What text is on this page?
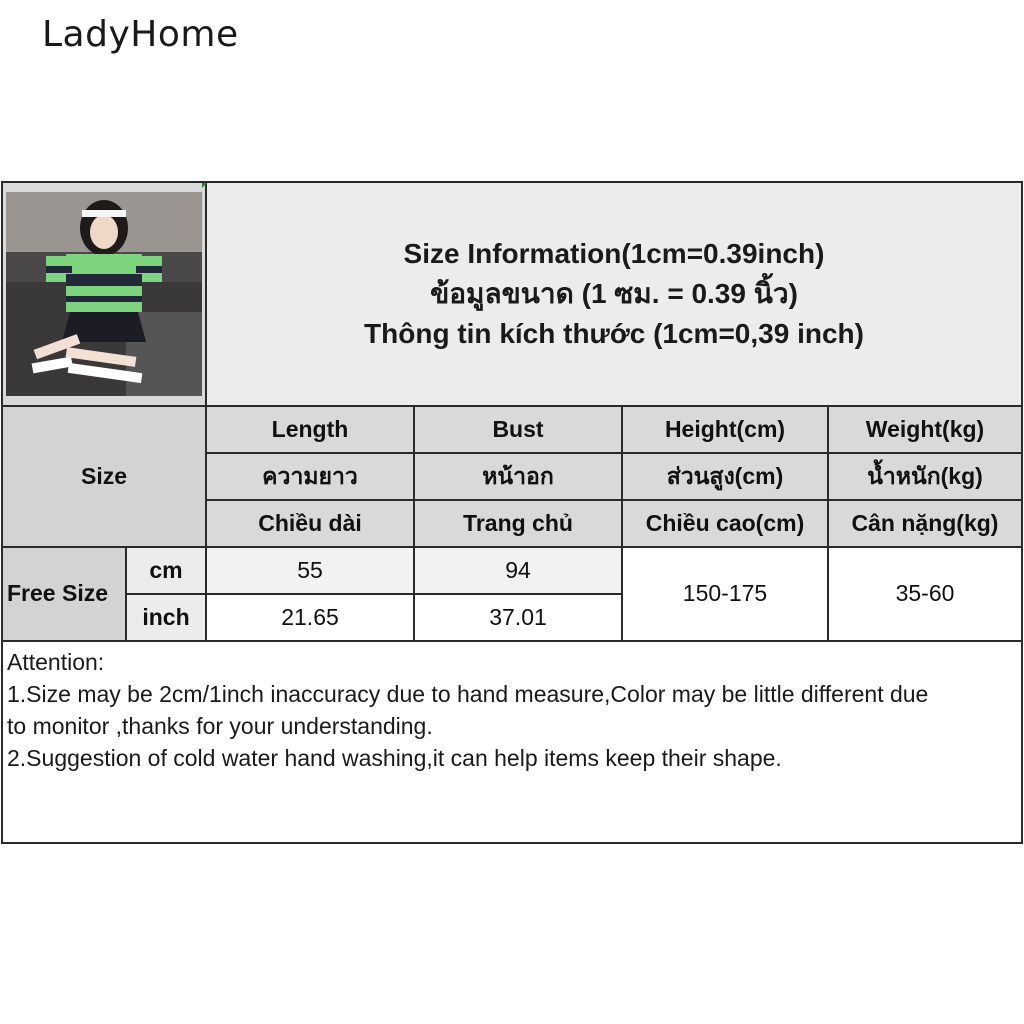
LadyHome

Size Information(1cm=0.39inch)
ข้อมูลขนาด (1 ซม. = 0.39 นิ้ว)
Thông tin kích thước (1cm=0,39 inch)			

Size		Length	Bust	Height(cm)	Weight(kg)
		ความยาว	หน้าอก	ส่วนสูง(cm)	น้ำหนัก(kg)
		Chiều dài	Trang chủ	Chiều cao(cm)	Cân nặng(kg)
Free Size	cm	55	94	150-175	35-60
	inch	21.65	37.01		

Attention:
1.Size may be 2cm/1inch inaccuracy due to hand measure,Color may be little different due
to monitor ,thanks for your understanding.
2.Suggestion of cold water hand washing,it can help items keep their shape.					
